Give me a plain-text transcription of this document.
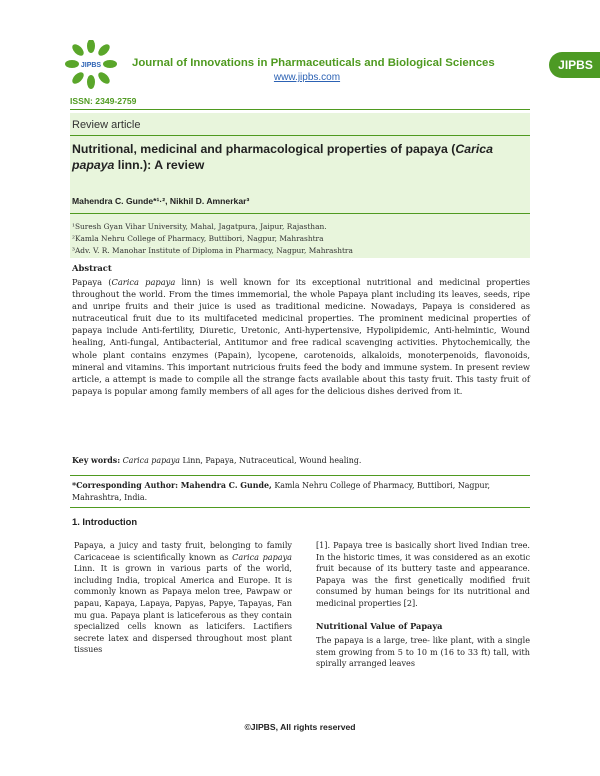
JIPBS	Journal of Innovations in Pharmaceuticals and Biological Sciences
www.jipbs.com
JIPBS
ISSN: 2349-2759
Review article
Nutritional, medicinal and pharmacological properties of papaya (Carica papaya linn.): A review
Mahendra C. Gunde*¹·², Nikhil D. Amnerkar³
¹Suresh Gyan Vihar University, Mahal, Jagatpura, Jaipur, Rajasthan.
²Kamla Nehru College of Pharmacy, Buttibori, Nagpur, Mahrashtra
³Adv. V. R. Manohar Institute of Diploma in Pharmacy, Nagpur, Mahrashtra
Abstract
Papaya (Carica papaya linn) is well known for its exceptional nutritional and medicinal properties throughout the world. From the times immemorial, the whole Papaya plant including its leaves, seeds, ripe and unripe fruits and their juice is used as traditional medicine. Nowadays, Papaya is considered as nutraceutical fruit due to its multifaceted medicinal properties. The prominent medicinal properties of papaya include Anti-fertility, Diuretic, Uretonic, Anti-hypertensive, Hypolipidemic, Anti-helmintic, Wound healing, Anti-fungal, Antibacterial, Antitumor and free radical scavenging activities. Phytochemically, the whole plant contains enzymes (Papain), lycopene, carotenoids, alkaloids, monoterpenoids, flavonoids, mineral and vitamins. This important nutricious fruits feed the body and immune system. In present review article, a attempt is made to compile all the strange facts available about this tasty fruit. This tasty fruit of papaya is popular among family members of all ages for the delicious dishes derived from it.
Key words: Carica papaya Linn, Papaya, Nutraceutical, Wound healing.
*Corresponding Author: Mahendra C. Gunde, Kamla Nehru College of Pharmacy, Buttibori, Nagpur, Mahrashtra, India.
1. Introduction
Papaya, a juicy and tasty fruit, belonging to family Caricaceae is scientifically known as Carica papaya Linn. It is grown in various parts of the world, including India, tropical America and Europe. It is commonly known as Papaya melon tree, Pawpaw or papau, Kapaya, Lapaya, Papyas, Papye, Tapayas, Fan mu gua. Papaya plant is laticeferous as they contain specialized cells known as laticifers. Lactifiers secrete latex and dispersed throughout most plant tissues
[1]. Papaya tree is basically short lived Indian tree. In the historic times, it was considered as an exotic fruit because of its buttery taste and appearance. Papaya was the first genetically modified fruit consumed by human beings for its nutritional and medicinal properties [2].
Nutritional Value of Papaya
The papaya is a large, tree- like plant, with a single stem growing from 5 to 10 m (16 to 33 ft) tall, with spirally arranged leaves
©JIPBS, All rights reserved
